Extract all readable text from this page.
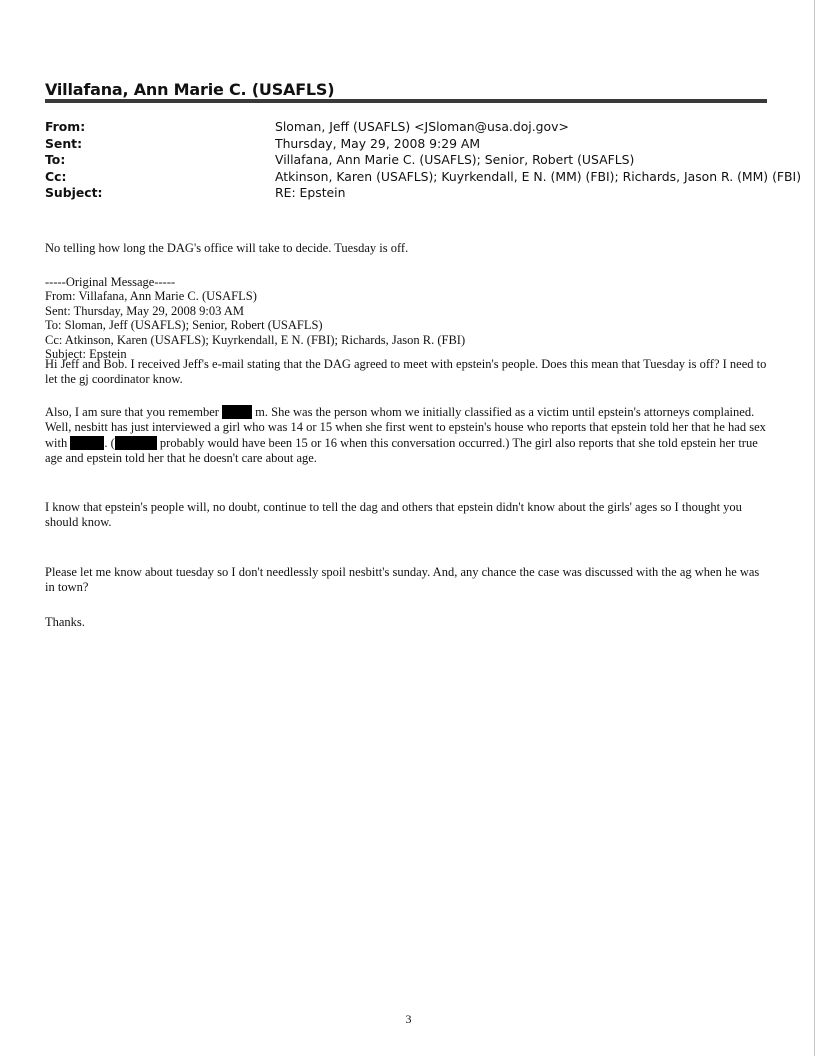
Villafana, Ann Marie C. (USAFLS)
From:	Sloman, Jeff (USAFLS) <JSloman@usa.doj.gov>
Sent:	Thursday, May 29, 2008 9:29 AM
To:	Villafana, Ann Marie C. (USAFLS); Senior, Robert (USAFLS)
Cc:	Atkinson, Karen (USAFLS); Kuyrkendall, E N. (MM) (FBI); Richards, Jason R. (MM) (FBI)
Subject:	RE: Epstein

No telling how long the DAG's office will take to decide. Tuesday is off.

-----Original Message-----

From: Villafana, Ann Marie C. (USAFLS)

Sent: Thursday, May 29, 2008 9:03 AM

To: Sloman, Jeff (USAFLS); Senior, Robert (USAFLS)

Cc: Atkinson, Karen (USAFLS); Kuyrkendall, E N. (FBI); Richards, Jason R. (FBI)

Subject: Epstein

Hi Jeff and Bob. I received Jeff's e-mail stating that the DAG agreed to meet with epstein's people. Does this mean that Tuesday is off? I need to let the gj coordinator know.

Also, I am sure that you remember	m. She was the person whom we initially classified as a victim until epstein's attorneys complained. Well, nesbitt has just interviewed a girl who was 14 or 15 when she first went to epstein's house who reports that epstein told her that he had sex with	. (	probably would have been 15 or 16 when this conversation occurred.) The girl also reports that she told epstein her true age and epstein told her that he doesn't care about age.

I know that epstein's people will, no doubt, continue to tell the dag and others that epstein didn't know about the girls' ages so I thought you should know.

Please let me know about tuesday so I don't needlessly spoil nesbitt's sunday. And, any chance the case was discussed with the ag when he was in town?

Thanks.

3
